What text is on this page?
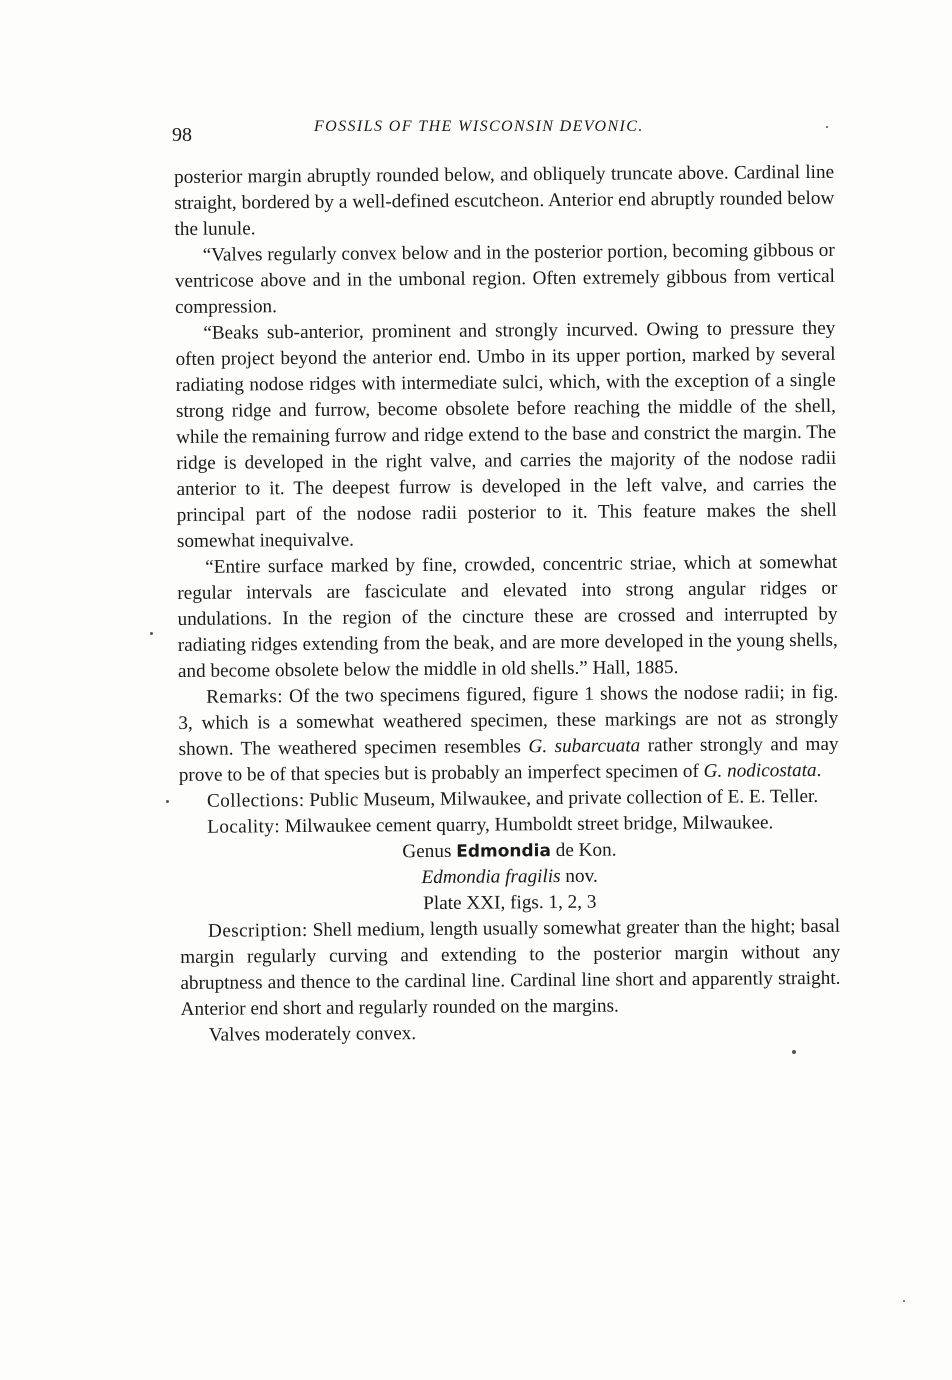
98	FOSSILS OF THE WISCONSIN DEVONIC.

posterior margin abruptly rounded below, and obliquely truncate above. Cardinal line straight, bordered by a well-defined escutcheon. Anterior end abruptly rounded below the lunule.

“Valves regularly convex below and in the posterior portion, becoming gibbous or ventricose above and in the umbonal region. Often extremely gibbous from vertical compression.

“Beaks sub-anterior, prominent and strongly incurved. Owing to pressure they often project beyond the anterior end. Umbo in its upper portion, marked by several radiating nodose ridges with intermediate sulci, which, with the exception of a single strong ridge and furrow, become obsolete before reaching the middle of the shell, while the remaining furrow and ridge extend to the base and constrict the margin. The ridge is developed in the right valve, and carries the majority of the nodose radii anterior to it. The deepest furrow is developed in the left valve, and carries the principal part of the nodose radii posterior to it. This feature makes the shell somewhat inequivalve.

“Entire surface marked by fine, crowded, concentric striae, which at somewhat regular intervals are fasciculate and elevated into strong angular ridges or undulations. In the region of the cincture these are crossed and interrupted by radiating ridges extending from the beak, and are more developed in the young shells, and become obsolete below the middle in old shells.” Hall, 1885.

Remarks: Of the two specimens figured, figure 1 shows the nodose radii; in fig. 3, which is a somewhat weathered specimen, these markings are not as strongly shown. The weathered specimen resembles G. subarcuata rather strongly and may prove to be of that species but is probably an imperfect specimen of G. nodicostata.

Collections: Public Museum, Milwaukee, and private collection of E. E. Teller.

Locality: Milwaukee cement quarry, Humboldt street bridge, Milwaukee.

Genus Edmondia de Kon.

Edmondia fragilis nov.

Plate XXI, figs. 1, 2, 3

Description: Shell medium, length usually somewhat greater than the hight; basal margin regularly curving and extending to the posterior margin without any abruptness and thence to the cardinal line. Cardinal line short and apparently straight. Anterior end short and regularly rounded on the margins.

Valves moderately convex.
